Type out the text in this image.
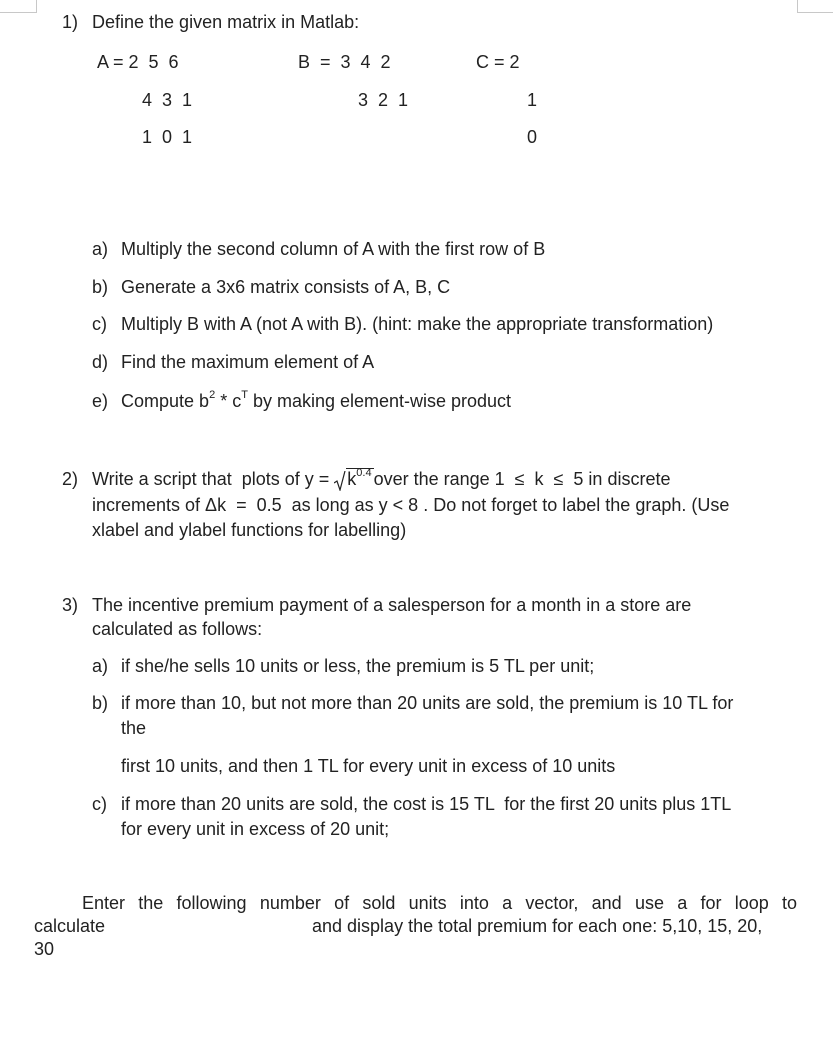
1) Define the given matrix in Matlab:
A = 2  5  6
4  3  1
1  0  1
B  =  3  4  2
3  2  1
C = 2
1
0
a) Multiply the second column of A with the first row of B
b) Generate a 3x6 matrix consists of A, B, C
c) Multiply B with A (not A with B). (hint: make the appropriate transformation)
d) Find the maximum element of A
e) Compute $b^2 * c^T$ by making element-wise product
2) Write a script that  plots of y =
$k^{0.4}$ over the range 1  ≤  k  ≤  5 in discrete
increments of Δk  =  0.5  as long as y < 8 . Do not forget to label the graph. (Use
xlabel and ylabel functions for labelling)
3) The incentive premium payment of a salesperson for a month in a store are
calculated as follows:
a) if she/he sells 10 units or less, the premium is 5 TL per unit;
b) if more than 10, but not more than 20 units are sold, the premium is 10 TL for
the
first 10 units, and then 1 TL for every unit in excess of 10 units
c) if more than 20 units are sold, the cost is 15 TL  for the first 20 units plus 1TL
for every unit in excess of 20 unit;
Enter the following number of sold units into a vector, and use a for loop to
calculate	and display the total premium for each one: 5,10, 15, 20,
30
